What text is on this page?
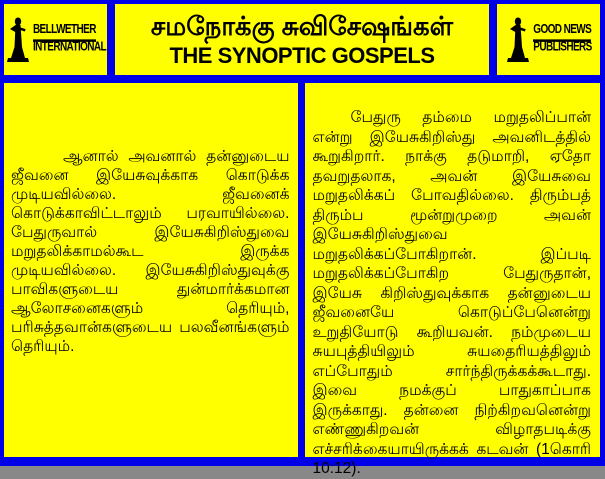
BELLWETHER
INTERNATIONAL
சமநோக்கு சுவிசேஷங்கள்
THE SYNOPTIC GOSPELS
GOOD NEWS
PUBLISHERS

ஆனால் அவனால் தன்னுடைய ஜீவனை இயேசுவுக்காக கொடுக்க முடியவில்லை. ஜீவனைக் கொடுக்காவிட்டாலும் பரவாயில்லை. பேதுருவால் இயேசுகிறிஸ்துவை மறுதலிக்காமல்கூட இருக்க முடியவில்லை. இயேசுகிறிஸ்துவுக்கு பாவிகளுடைய துன்மார்க்கமான ஆலோசனைகளும் தெரியும், பரிசுத்தவான்களுடைய பலவீனங்களும் தெரியும்.

பேதுரு தம்மை மறுதலிப்பான் என்று இயேசுகிறிஸ்து அவனிடத்தில் கூறுகிறார். நாக்கு தடுமாறி, ஏதோ தவறுதலாக, அவன் இயேசுவை மறுதலிக்கப் போவதில்லை. திரும்பத் திரும்ப மூன்றுமுறை அவன் இயேசுகிறிஸ்துவை மறுதலிக்கப்போகிறான். இப்படி மறுதலிக்கப்போகிற பேதுருதான், இயேசு கிறிஸ்துவுக்காக தன்னுடைய ஜீவனையே கொடுப்பேனென்று உறுதியோடு கூறியவன். நம்முடைய சுயபுத்தியிலும் சுயதைரியத்திலும் எப்போதும் சார்ந்திருக்கக்கூடாது. இவை நமக்குப் பாதுகாப்பாக இருக்காது. தன்னை நிற்கிறவனென்று எண்ணுகிறவன் விழாதபடிக்கு எச்சரிக்கையாயிருக்கக் கடவன் (1கொரி 10:12).
